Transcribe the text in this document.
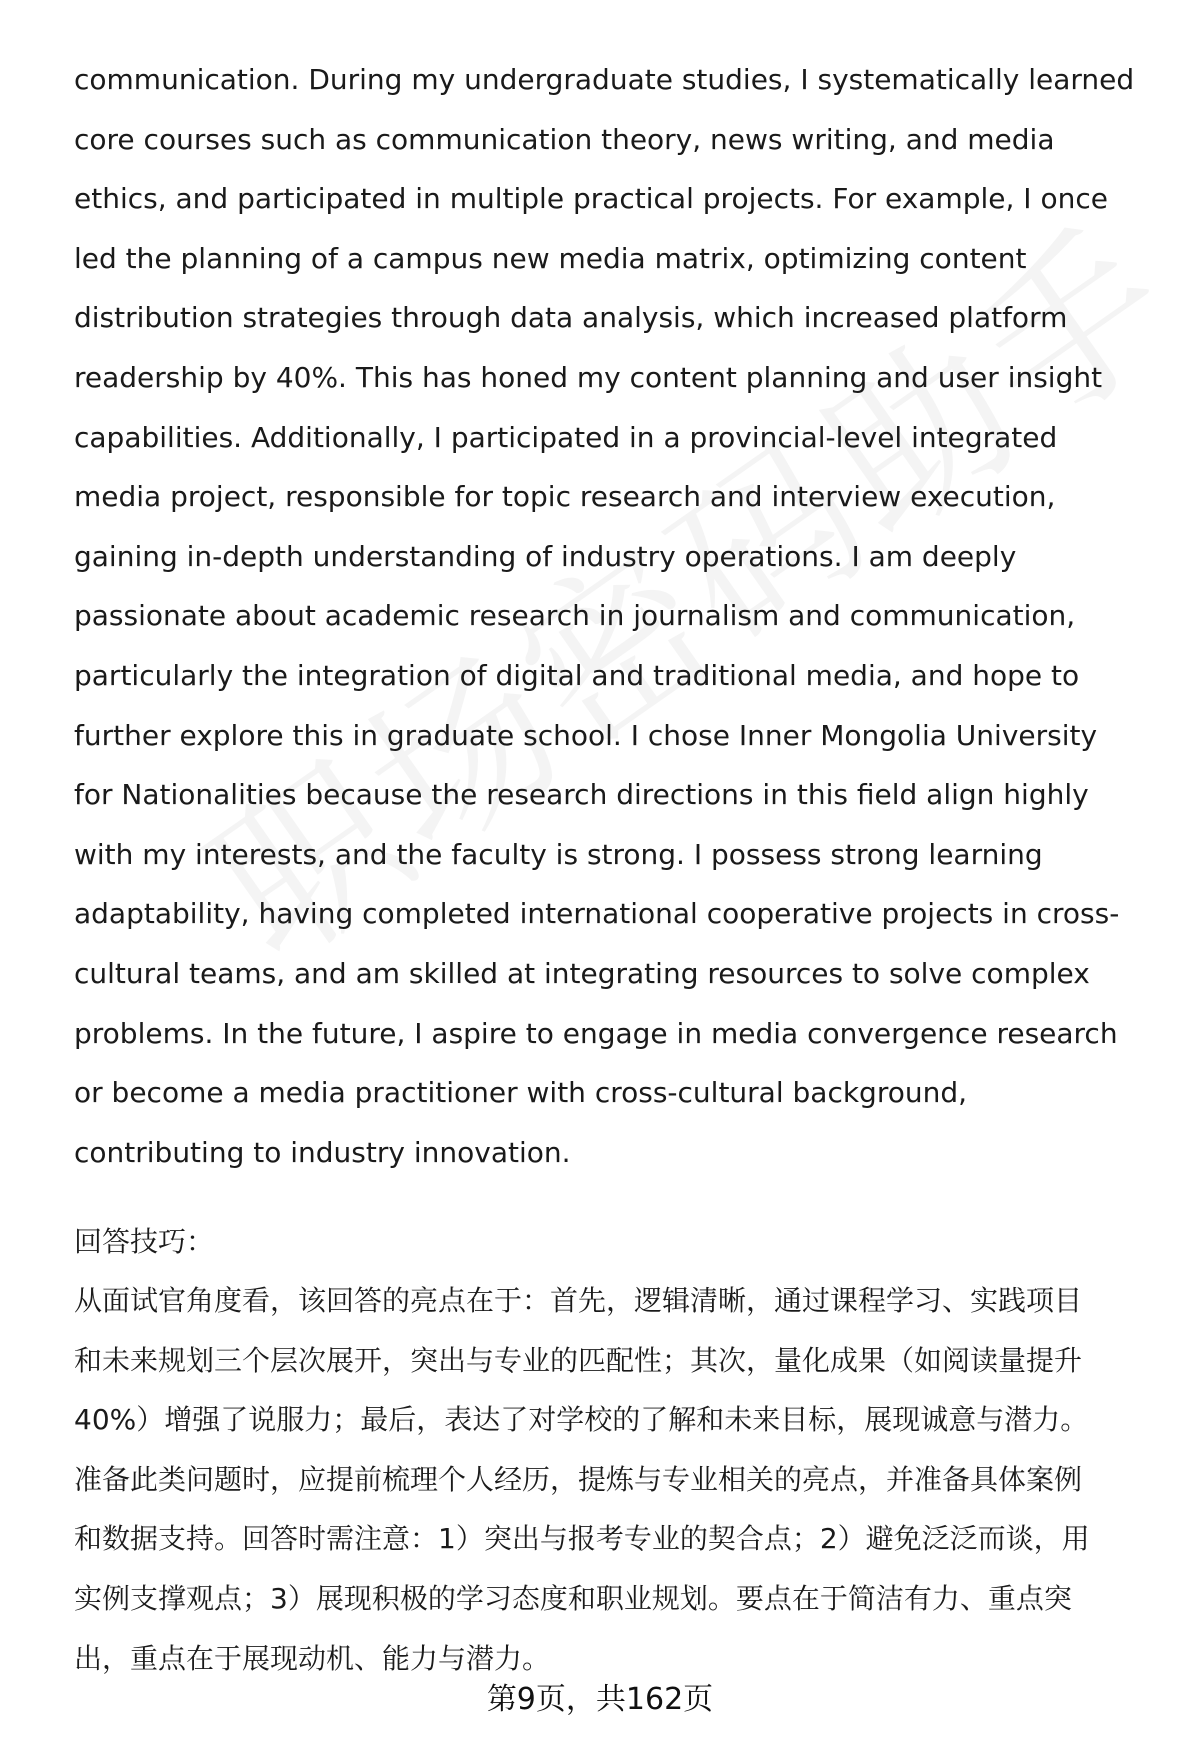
communication. During my undergraduate studies, I systematically learned
core courses such as communication theory, news writing, and media
ethics, and participated in multiple practical projects. For example, I once
led the planning of a campus new media matrix, optimizing content
distribution strategies through data analysis, which increased platform
readership by 40%. This has honed my content planning and user insight
capabilities. Additionally, I participated in a provincial-level integrated
media project, responsible for topic research and interview execution,
gaining in-depth understanding of industry operations. I am deeply
passionate about academic research in journalism and communication,
particularly the integration of digital and traditional media, and hope to
further explore this in graduate school. I chose Inner Mongolia University
for Nationalities because the research directions in this field align highly
with my interests, and the faculty is strong. I possess strong learning
adaptability, having completed international cooperative projects in cross-
cultural teams, and am skilled at integrating resources to solve complex
problems. In the future, I aspire to engage in media convergence research
or become a media practitioner with cross-cultural background,
contributing to industry innovation.
回答技巧：
从面试官角度看，该回答的亮点在于：首先，逻辑清晰，通过课程学习、实践项目
和未来规划三个层次展开，突出与专业的匹配性；其次，量化成果（如阅读量提升
40%）增强了说服力；最后，表达了对学校的了解和未来目标，展现诚意与潜力。
准备此类问题时，应提前梳理个人经历，提炼与专业相关的亮点，并准备具体案例
和数据支持。回答时需注意：1）突出与报考专业的契合点；2）避免泛泛而谈，用
实例支撑观点；3）展现积极的学习态度和职业规划。要点在于简洁有力、重点突
出，重点在于展现动机、能力与潜力。
第9页，共162页
